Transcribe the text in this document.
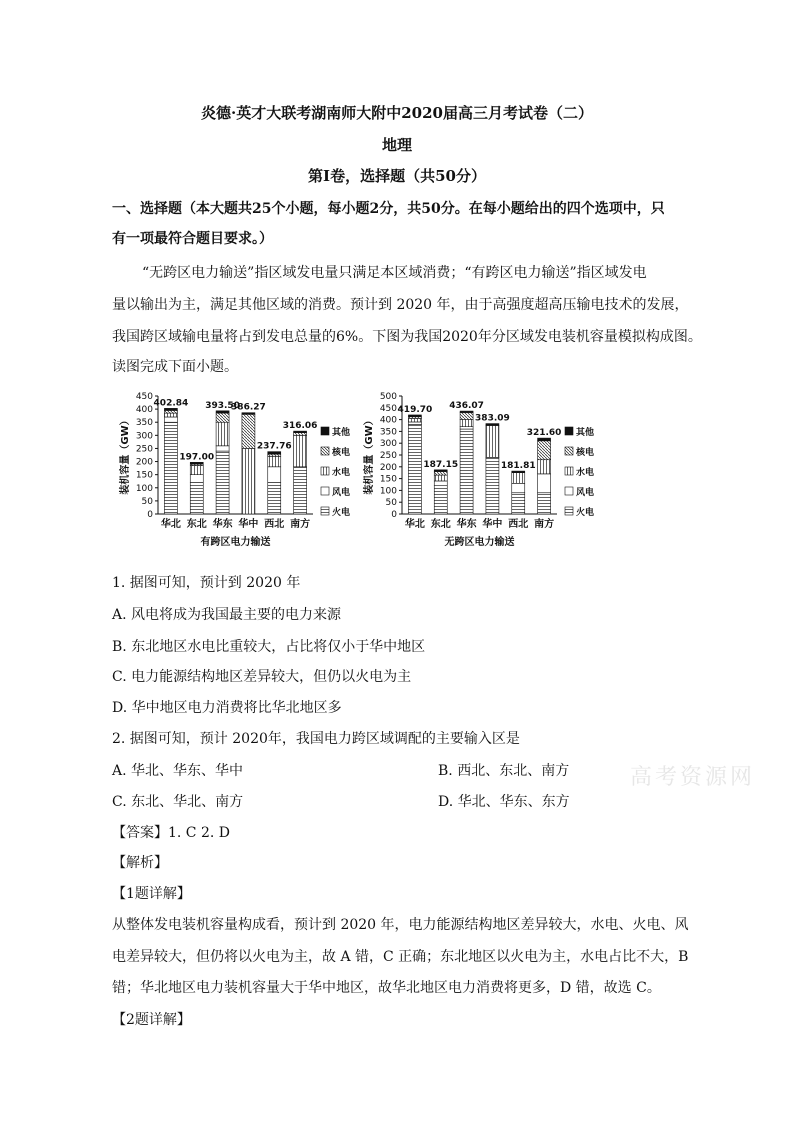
炎德·英才大联考湖南师大附中2020届高三月考试卷（二）
地理
第Ⅰ卷，选择题（共50分）
一、选择题（本大题共25个小题，每小题2分，共50分。在每小题给出的四个选项中，只
有一项最符合题目要求。）
“无跨区电力输送”指区域发电量只满足本区域消费；“有跨区电力输送”指区域发电
量以输出为主，满足其他区域的消费。预计到 2020 年，由于高强度超高压输电技术的发展，
我国跨区域输电量将占到发电总量的6%。下图为我国2020年分区域发电装机容量模拟构成图。
读图完成下面小题。
0
50
100
150
200
250
300
350
400
450
装机容量（GW）
402.84
华北
197.00
东北
393.50
华东
386.27
华中
237.76
西北
316.06
南方
有跨区电力输送
其他
核电
水电
风电
火电	0
50
100
150
200
250
300
350
400
450
500
装机容量（GW）
419.70
华北
187.15
东北
436.07
华东
383.09
华中
181.81
西北
321.60
南方
无跨区电力输送
其他
核电
水电
风电
火电
1. 据图可知，预计到 2020 年
A. 风电将成为我国最主要的电力来源
B. 东北地区水电比重较大，占比将仅小于华中地区
C. 电力能源结构地区差异较大，但仍以火电为主
D. 华中地区电力消费将比华北地区多
2. 据图可知，预计 2020年，我国电力跨区域调配的主要输入区是
A. 华北、华东、华中	B. 西北、东北、南方
C. 东北、华北、南方	D. 华北、华东、东方
高考资源网
【答案】1. C 2. D
【解析】
【1题详解】
从整体发电装机容量构成看，预计到 2020 年，电力能源结构地区差异较大，水电、火电、风
电差异较大，但仍将以火电为主，故 A 错，C 正确；东北地区以火电为主，水电占比不大，B
错；华北地区电力装机容量大于华中地区，故华北地区电力消费将更多，D 错，故选 C。
【2题详解】
